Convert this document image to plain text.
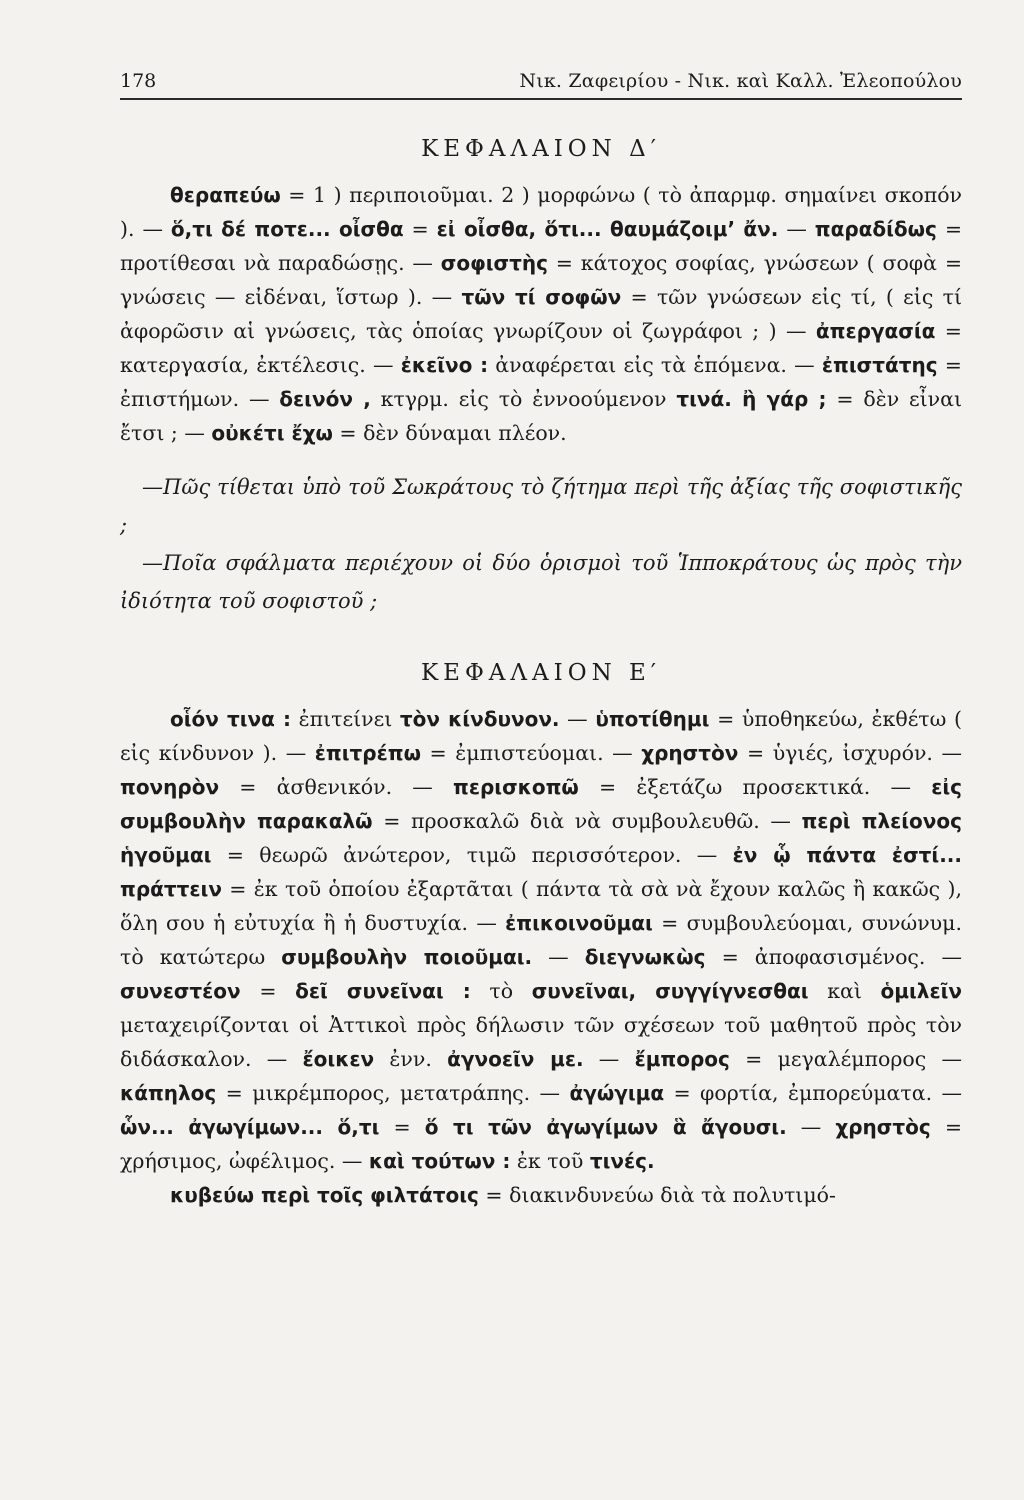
178	Νικ. Ζαφειρίου - Νικ. καὶ Καλλ. Ἐλεοπούλου
ΚΕΦΑΛΑΙΟΝ Δ′

θεραπεύω = 1 ) περιποιοῦμαι. 2 ) μορφώνω ( τὸ ἀπαρμφ. σημαίνει σκοπόν ). — ὅ,τι δέ ποτε... οἶσθα = εἰ οἶσθα, ὅτι... θαυμάζοιμ’ ἄν. — παραδίδως = προτίθεσαι νὰ παραδώσῃς. — σοφιστὴς = κάτοχος σοφίας, γνώσεων ( σοφὰ = γνώσεις — εἰδέναι, ἵστωρ ). — τῶν τί σοφῶν = τῶν γνώσεων εἰς τί, ( εἰς τί ἀφορῶσιν αἱ γνώσεις, τὰς ὁποίας γνωρίζουν οἱ ζωγράφοι ; ) — ἀπεργασία = κατεργασία, ἐκτέλεσις. — ἐκεῖνο : ἀναφέρεται εἰς τὰ ἑπόμενα. — ἐπιστάτης = ἐπιστήμων. — δεινόν , κτγρμ. εἰς τὸ ἐννοούμενον τινά. ἢ γάρ ; = δὲν εἶναι ἔτσι ; — οὐκέτι ἔχω = δὲν δύναμαι πλέον.

—Πῶς τίθεται ὑπὸ τοῦ Σωκράτους τὸ ζήτημα περὶ τῆς ἀξίας τῆς σοφιστικῆς ;

—Ποῖα σφάλματα περιέχουν οἱ δύο ὁρισμοὶ τοῦ Ἱπποκράτους ὡς πρὸς τὴν ἰδιότητα τοῦ σοφιστοῦ ;

ΚΕΦΑΛΑΙΟΝ Ε′

οἷόν τινα : ἐπιτείνει τὸν κίνδυνον. — ὑποτίθημι = ὑποθηκεύω, ἐκθέτω ( εἰς κίνδυνον ). — ἐπιτρέπω = ἐμπιστεύομαι. — χρηστὸν = ὑγιές, ἰσχυρόν. — πονηρὸν = ἀσθενικόν. — περισκοπῶ = ἐξετάζω προσεκτικά. — εἰς συμβουλὴν παρακαλῶ = προσκαλῶ διὰ νὰ συμβουλευθῶ. — περὶ πλείονος ἡγοῦμαι = θεωρῶ ἀνώτερον, τιμῶ περισσότερον. — ἐν ᾧ πάντα ἐστί... πράττειν = ἐκ τοῦ ὁποίου ἐξαρτᾶται ( πάντα τὰ σὰ νὰ ἔχουν καλῶς ἢ κακῶς ), ὅλη σου ἡ εὐτυχία ἢ ἡ δυστυχία. — ἐπικοινοῦμαι = συμβουλεύομαι, συνώνυμ. τὸ κατώτερω συμβουλὴν ποιοῦμαι. — διεγνωκὼς = ἀποφασισμένος. — συνεστέον = δεῖ συνεῖναι : τὸ συνεῖναι, συγγίγνεσθαι καὶ ὁμιλεῖν μεταχειρίζονται οἱ Ἀττικοὶ πρὸς δήλωσιν τῶν σχέσεων τοῦ μαθητοῦ πρὸς τὸν διδάσκαλον. — ἔοικεν ἐνν. ἀγνοεῖν με. — ἔμπορος = μεγαλέμπορος — κάπηλος = μικρέμπορος, μετατράπης. — ἀγώγιμα = φορτία, ἐμπορεύματα. — ὧν... ἀγωγίμων... ὅ,τι = ὅ τι τῶν ἀγωγίμων ἃ ἄγουσι. — χρηστὸς = χρήσιμος, ὠφέλιμος. — καὶ τούτων : ἐκ τοῦ τινές.

κυβεύω περὶ τοῖς φιλτάτοις = διακινδυνεύω διὰ τὰ πολυτιμό-
